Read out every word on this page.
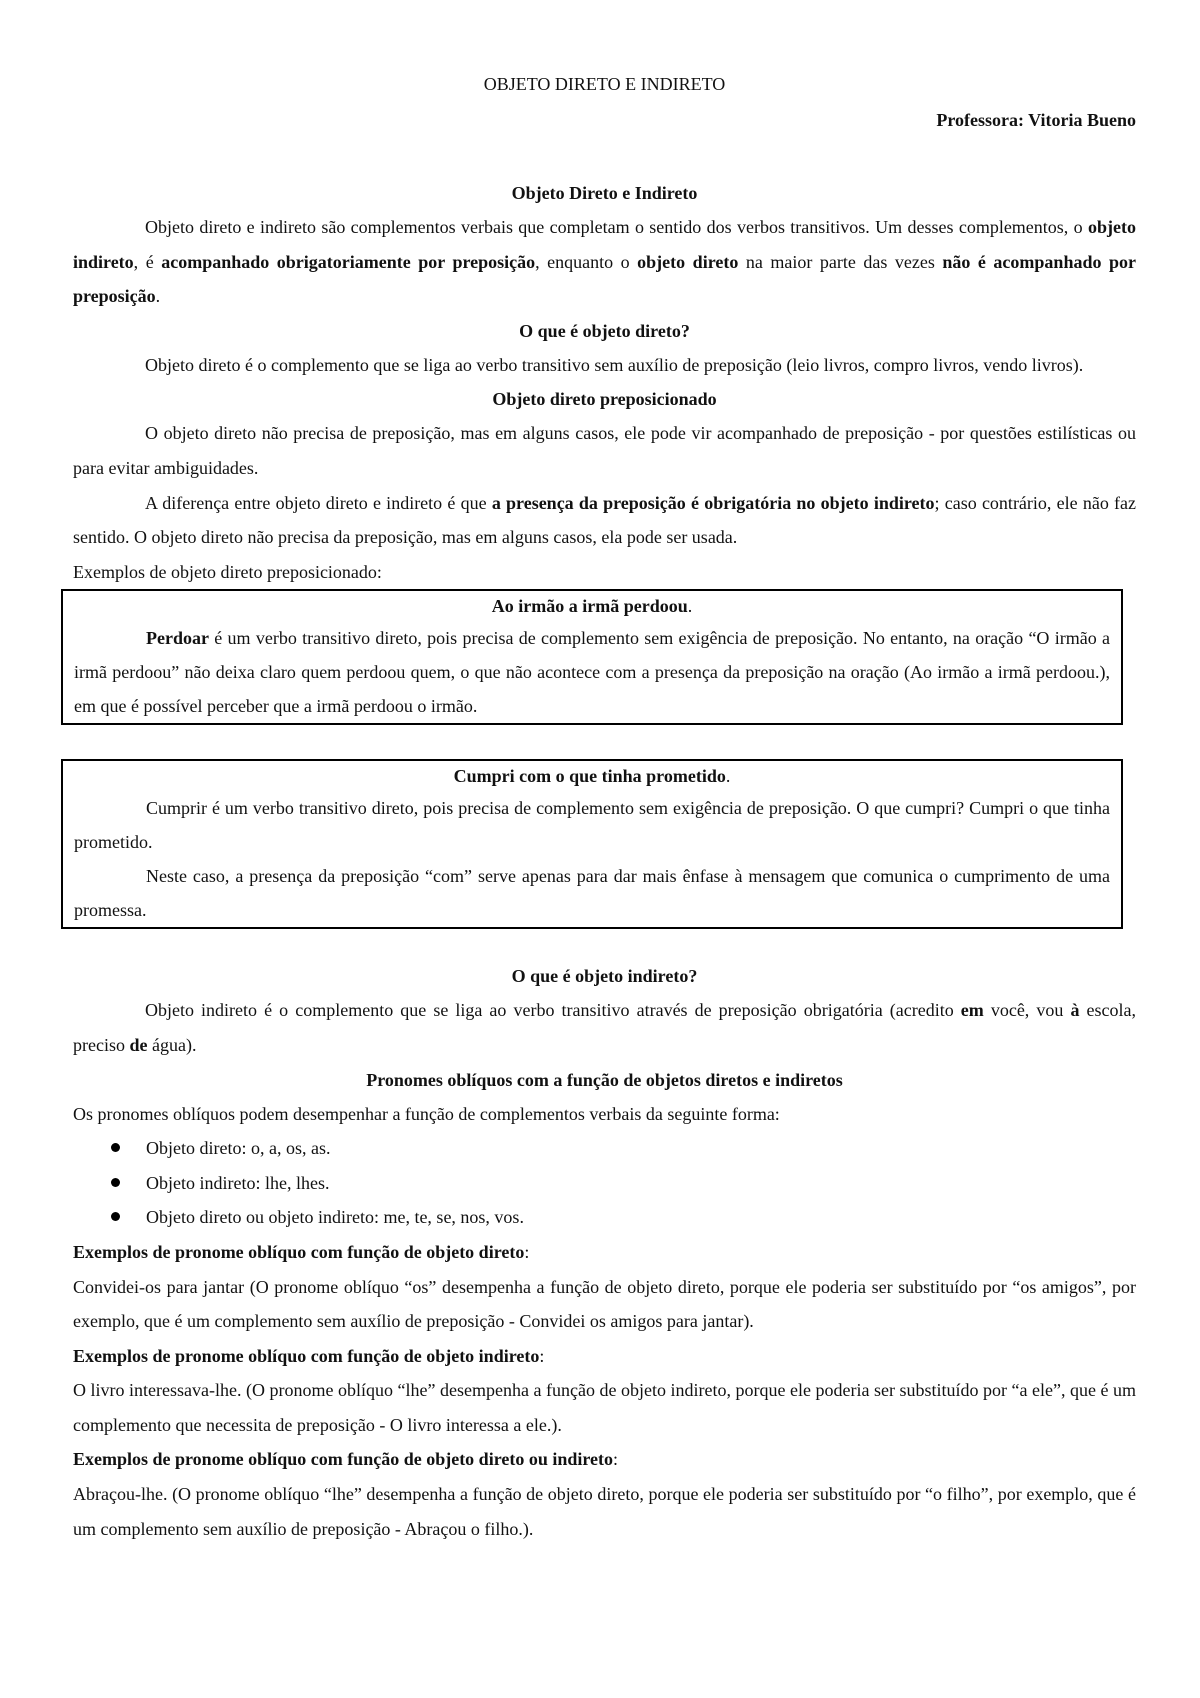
OBJETO DIRETO E INDIRETO
Professora: Vitoria Bueno
Objeto Direto e Indireto

Objeto direto e indireto são complementos verbais que completam o sentido dos verbos transitivos. Um desses complementos, o objeto indireto, é acompanhado obrigatoriamente por preposição, enquanto o objeto direto na maior parte das vezes não é acompanhado por preposição.

O que é objeto direto?

Objeto direto é o complemento que se liga ao verbo transitivo sem auxílio de preposição (leio livros, compro livros, vendo livros).

Objeto direto preposicionado

O objeto direto não precisa de preposição, mas em alguns casos, ele pode vir acompanhado de preposição - por questões estilísticas ou para evitar ambiguidades.

A diferença entre objeto direto e indireto é que a presença da preposição é obrigatória no objeto indireto; caso contrário, ele não faz sentido. O objeto direto não precisa da preposição, mas em alguns casos, ela pode ser usada.

Exemplos de objeto direto preposicionado:

Ao irmão a irmã perdoou.

Perdoar é um verbo transitivo direto, pois precisa de complemento sem exigência de preposição. No entanto, na oração “O irmão a irmã perdoou” não deixa claro quem perdoou quem, o que não acontece com a presença da preposição na oração (Ao irmão a irmã perdoou.), em que é possível perceber que a irmã perdoou o irmão.

Cumpri com o que tinha prometido.

Cumprir é um verbo transitivo direto, pois precisa de complemento sem exigência de preposição. O que cumpri? Cumpri o que tinha prometido.

Neste caso, a presença da preposição “com” serve apenas para dar mais ênfase à mensagem que comunica o cumprimento de uma promessa.

O que é objeto indireto?

Objeto indireto é o complemento que se liga ao verbo transitivo através de preposição obrigatória (acredito em você, vou à escola, preciso de água).

Pronomes oblíquos com a função de objetos diretos e indiretos

Os pronomes oblíquos podem desempenhar a função de complementos verbais da seguinte forma:

Objeto direto: o, a, os, as.
Objeto indireto: lhe, lhes.
Objeto direto ou objeto indireto: me, te, se, nos, vos.

Exemplos de pronome oblíquo com função de objeto direto:

Convidei-os para jantar (O pronome oblíquo “os” desempenha a função de objeto direto, porque ele poderia ser substituído por “os amigos”, por exemplo, que é um complemento sem auxílio de preposição - Convidei os amigos para jantar).

Exemplos de pronome oblíquo com função de objeto indireto:

O livro interessava-lhe. (O pronome oblíquo “lhe” desempenha a função de objeto indireto, porque ele poderia ser substituído por “a ele”, que é um complemento que necessita de preposição - O livro interessa a ele.).

Exemplos de pronome oblíquo com função de objeto direto ou indireto:

Abraçou-lhe. (O pronome oblíquo “lhe” desempenha a função de objeto direto, porque ele poderia ser substituído por “o filho”, por exemplo, que é um complemento sem auxílio de preposição - Abraçou o filho.).
